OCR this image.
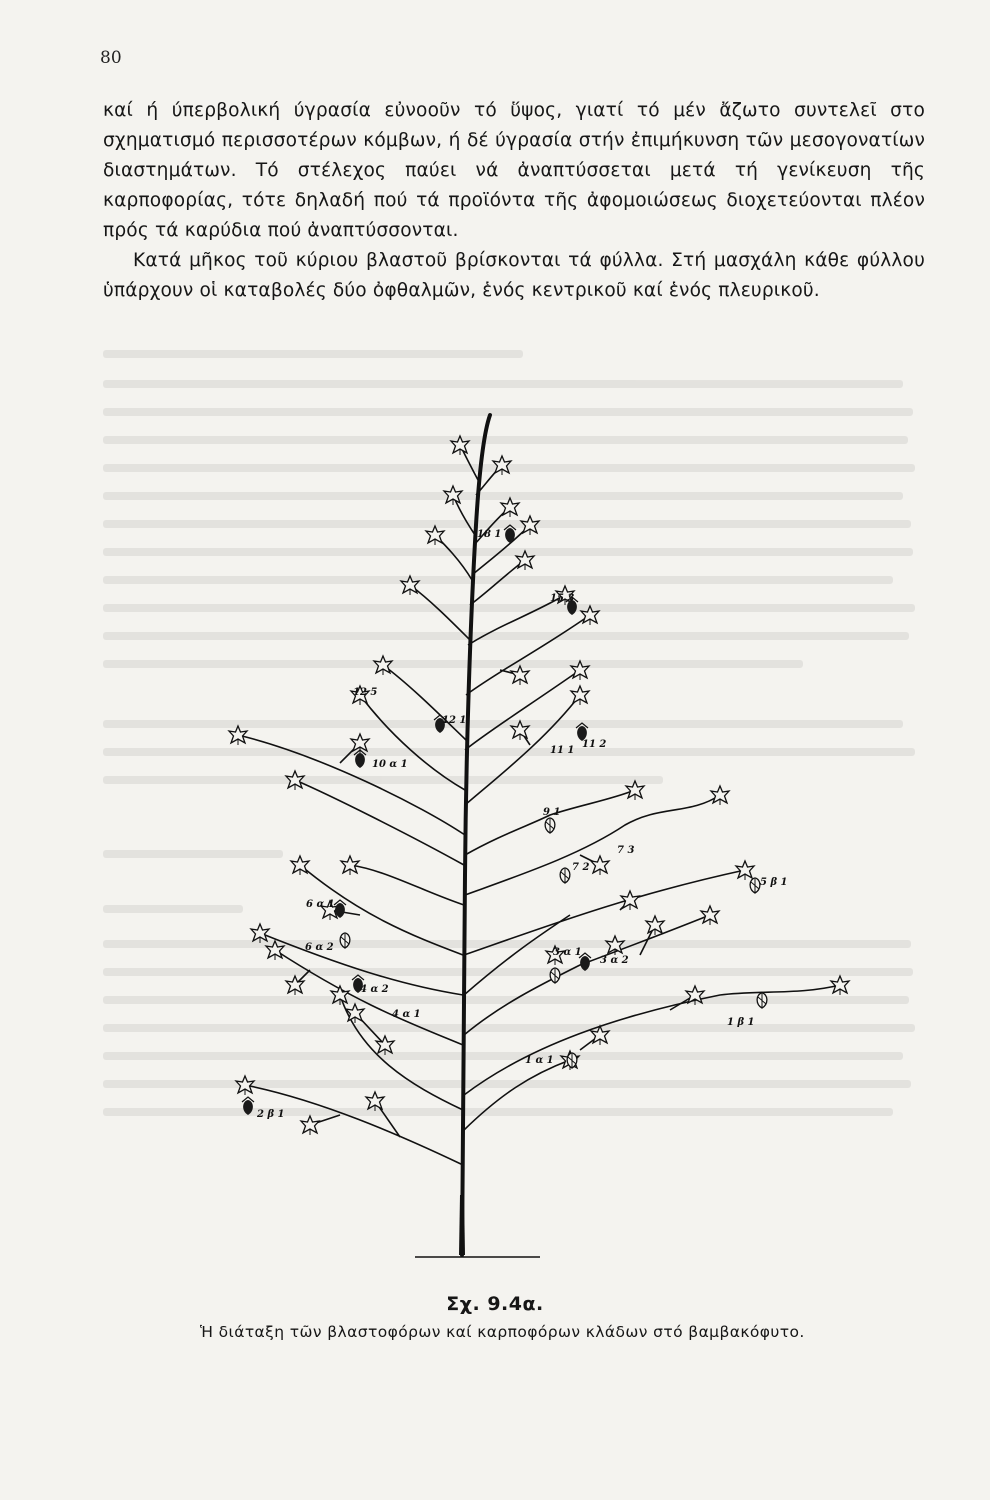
80

καί ή ύπερβολική ύγρασία εὐνοοῦν τό ὕψος, γιατί τό μέν ἄζωτο συντελεῖ στο σχηματισμό περισσοτέρων κόμβων, ή δέ ύγρασία στήν ἐπιμήκυνση τῶν μεσογονατίων διαστημάτων. Τό στέλεχος παύει νά ἀναπτύσσεται μετά τή γενίκευση τῆς καρποφορίας, τότε δηλαδή πού τά προϊόντα τῆς ἀφομοιώσεως διοχετεύονται πλέον πρός τά καρύδια πού ἀναπτύσσονται.

Κατά μῆκος τοῦ κύριου βλαστοῦ βρίσκονται τά φύλλα. Στή μασχάλη κάθε φύλλου ὑπάρχουν οἱ καταβολές δύο ὀφθαλμῶν, ἑνός κεντρικοῦ καί ἑνός πλευρικοῦ.

18 1
15 3
12 5
12 1
11 1
11 2
10 α 1
9 1
7 2
7 3
5 β 1
6 α 1
6 α 2
4 α 2
4 α 1
3 α 1
3 α 2
1 α 1
1 β 1
2 β 1
Σχ. 9.4α.
Ἡ διάταξη τῶν βλαστοφόρων καί καρποφόρων κλάδων στό βαμβακόφυτο.
